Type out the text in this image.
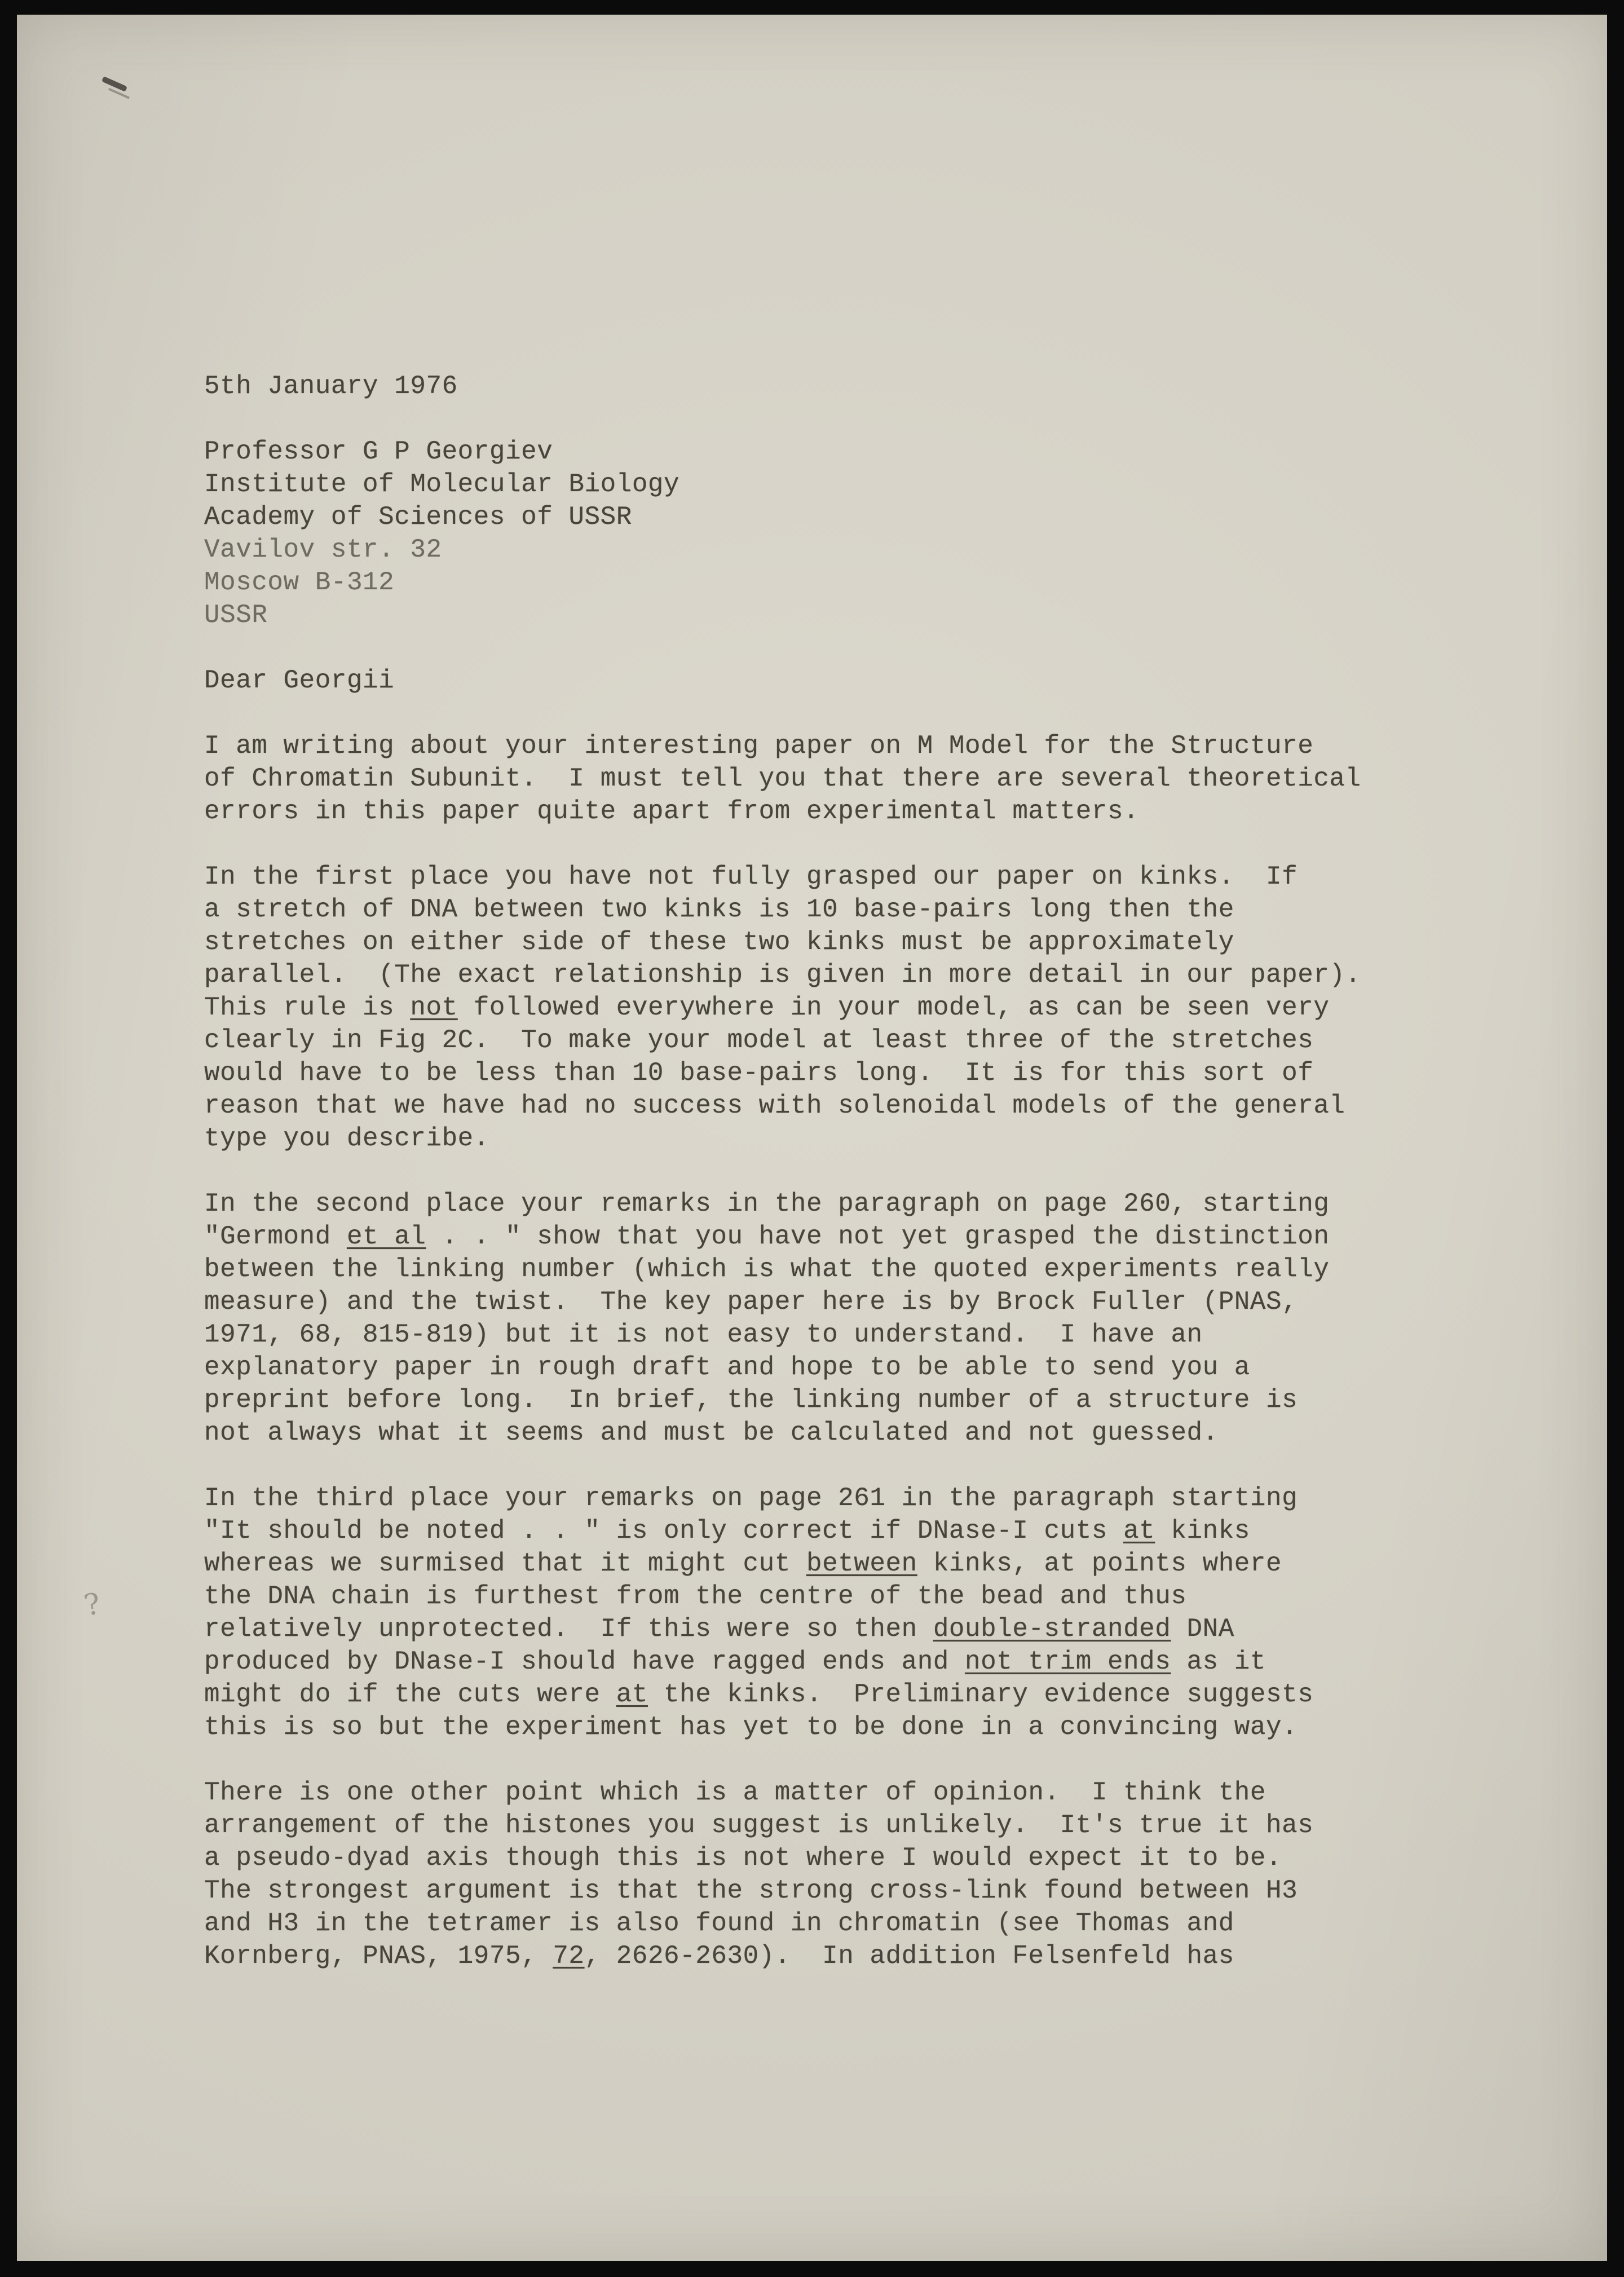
?
5th January 1976
Professor G P Georgiev
Institute of Molecular Biology
Academy of Sciences of USSR
Vavilov str. 32
Moscow B-312
USSR
Dear Georgii
I am writing about your interesting paper on M Model for the Structure
of Chromatin Subunit.  I must tell you that there are several theoretical
errors in this paper quite apart from experimental matters.
In the first place you have not fully grasped our paper on kinks.  If
a stretch of DNA between two kinks is 10 base-pairs long then the
stretches on either side of these two kinks must be approximately
parallel.  (The exact relationship is given in more detail in our paper).
This rule is not followed everywhere in your model, as can be seen very
clearly in Fig 2C.  To make your model at least three of the stretches
would have to be less than 10 base-pairs long.  It is for this sort of
reason that we have had no success with solenoidal models of the general
type you describe.
In the second place your remarks in the paragraph on page 260, starting
"Germond et al . . " show that you have not yet grasped the distinction
between the linking number (which is what the quoted experiments really
measure) and the twist.  The key paper here is by Brock Fuller (PNAS,
1971, 68, 815-819) but it is not easy to understand.  I have an
explanatory paper in rough draft and hope to be able to send you a
preprint before long.  In brief, the linking number of a structure is
not always what it seems and must be calculated and not guessed.
In the third place your remarks on page 261 in the paragraph starting
"It should be noted . . " is only correct if DNase-I cuts at kinks
whereas we surmised that it might cut between kinks, at points where
the DNA chain is furthest from the centre of the bead and thus
relatively unprotected.  If this were so then double-stranded DNA
produced by DNase-I should have ragged ends and not trim ends as it
might do if the cuts were at the kinks.  Preliminary evidence suggests
this is so but the experiment has yet to be done in a convincing way.
There is one other point which is a matter of opinion.  I think the
arrangement of the histones you suggest is unlikely.  It's true it has
a pseudo-dyad axis though this is not where I would expect it to be.
The strongest argument is that the strong cross-link found between H3
and H3 in the tetramer is also found in chromatin (see Thomas and
Kornberg, PNAS, 1975, 72, 2626-2630).  In addition Felsenfeld has
